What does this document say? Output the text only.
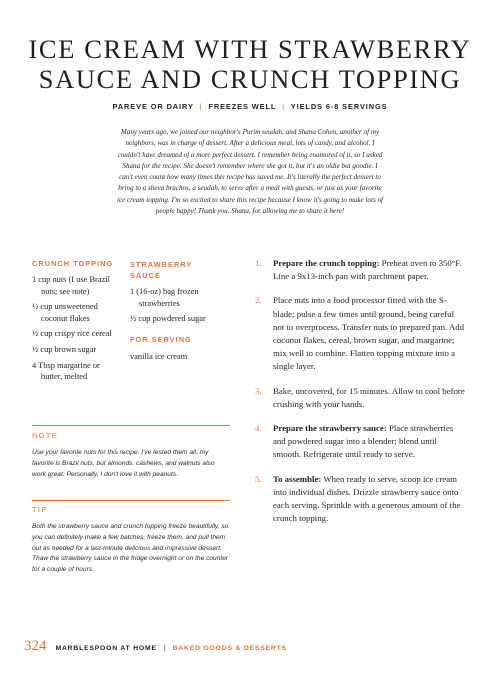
ICE CREAM WITH STRAWBERRY
SAUCE AND CRUNCH TOPPING
PAREVE OR DAIRY | FREEZES WELL | YIELDS 6-8 SERVINGS

Many years ago, we joined our neighbor's Purim seudah, and Shana Cohen, another of my neighbors, was in charge of dessert. After a delicious meal, lots of candy, and alcohol, I couldn't have dreamed of a more perfect dessert. I remember being enamored of it, so I asked Shana for the recipe. She doesn't remember where she got it, but it's an oldie but goodie. I can't even count how many times this recipe has saved me. It's literally the perfect dessert to bring to a sheva brachos, a seudah, to serve after a meal with guests, or just as your favorite ice cream topping. I'm so excited to share this recipe because I know it's going to make lots of people happy! Thank you, Shana, for allowing me to share it here!

CRUNCH TOPPING
1 cup nuts (I use Brazil nuts; see note)
½ cup unsweetened coconut flakes
½ cup crispy rice cereal
½ cup brown sugar
4 Tbsp margarine or butter, melted
STRAWBERRY
SAUCE
1 (16-oz) bag frozen strawberries
½ cup powdered sugar
FOR SERVING
vanilla ice cream
NOTE

Use your favorite nuts for this recipe. I've tested them all; my favorite is Brazil nuts, but almonds, cashews, and walnuts also work great. Personally, I don't love it with peanuts.

TIP

Both the strawberry sauce and crunch topping freeze beautifully, so you can definitely make a few batches, freeze them, and pull them out as needed for a last-minute delicious and impressive dessert. Thaw the strawberry sauce in the fridge overnight or on the counter for a couple of hours.

1. Prepare the crunch topping: Preheat oven to 350°F. Line a 9x13-inch pan with parchment paper.
2. Place nuts into a food processor fitted with the S-blade; pulse a few times until ground, being careful not to overprocess. Transfer nuts to prepared pan. Add coconut flakes, cereal, brown sugar, and margarine; mix well to combine. Flatten topping mixture into a single layer.
3. Bake, uncovered, for 15 minutes. Allow to cool before crushing with your hands.
4. Prepare the strawberry sauce: Place strawberries and powdered sugar into a blender; blend until smooth. Refrigerate until ready to serve.
5. To assemble: When ready to serve, scoop ice cream into individual dishes. Drizzle strawberry sauce onto each serving. Sprinkle with a generous amount of the crunch topping.
324 MARBLESPOON AT HOME | BAKED GOODS & DESSERTS
